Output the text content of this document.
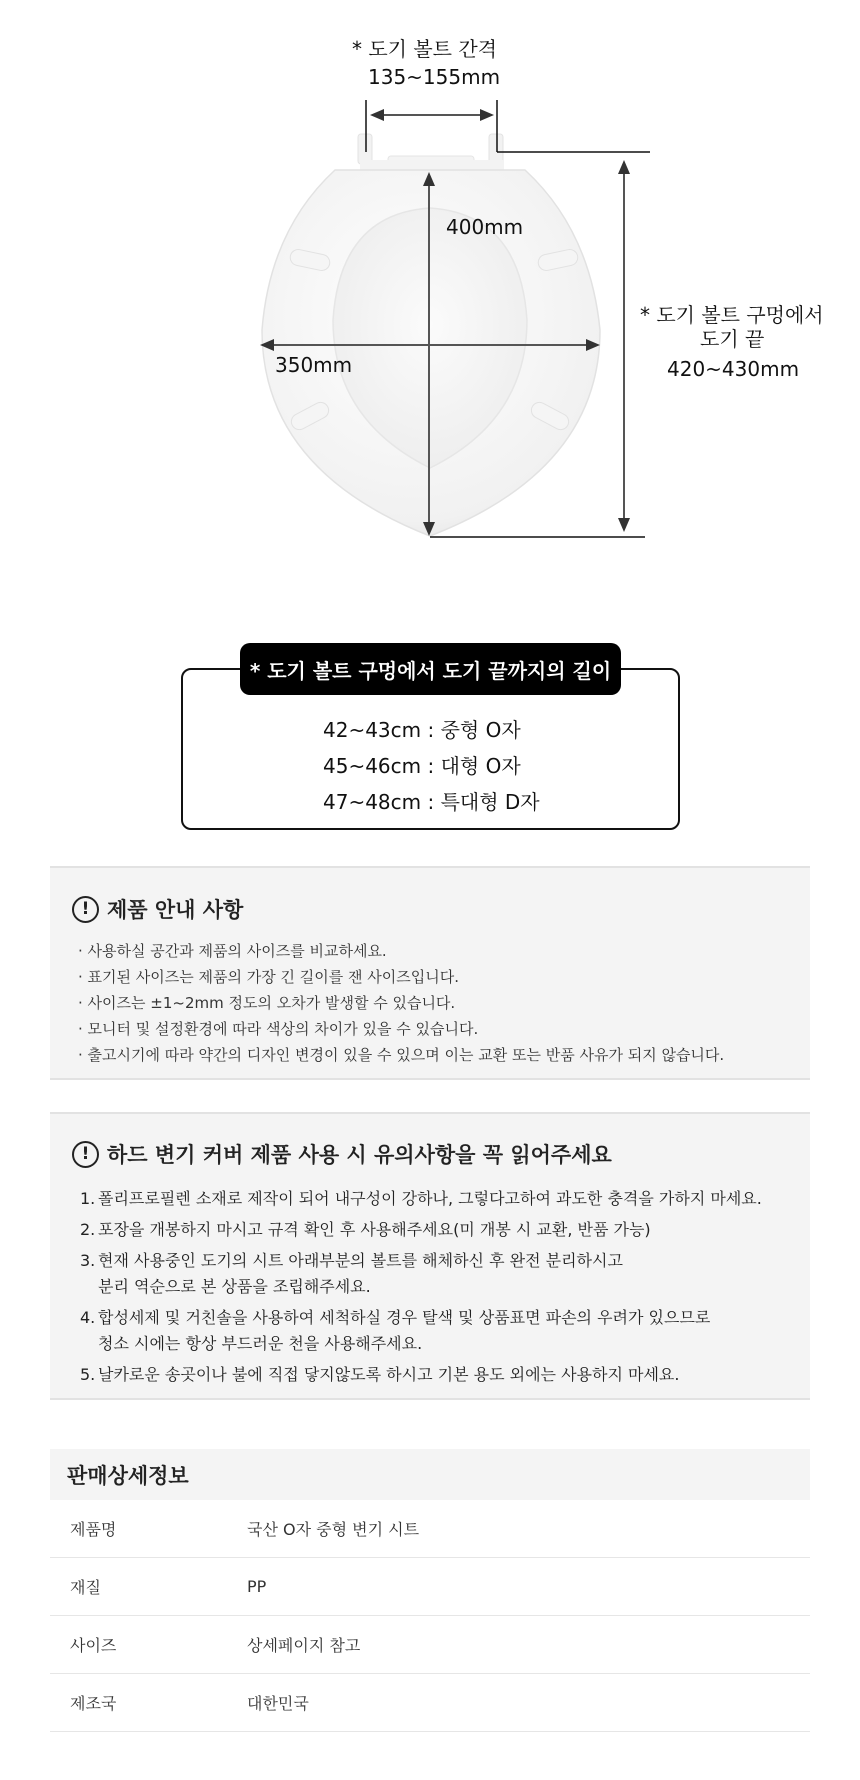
* 도기 볼트 간격
135~155mm
400mm
350mm
* 도기 볼트 구멍에서
도기 끝
420~430mm
* 도기 볼트 구멍에서 도기 끝까지의 길이
42~43cm : 중형 O자
45~46cm : 대형 O자
47~48cm : 특대형 D자
! 제품 안내 사항
· 사용하실 공간과 제품의 사이즈를 비교하세요.
· 표기된 사이즈는 제품의 가장 긴 길이를 잰 사이즈입니다.
· 사이즈는 ±1~2mm 정도의 오차가 발생할 수 있습니다.
· 모니터 및 설정환경에 따라 색상의 차이가 있을 수 있습니다.
· 출고시기에 따라 약간의 디자인 변경이 있을 수 있으며 이는 교환 또는 반품 사유가 되지 않습니다.
! 하드 변기 커버 제품 사용 시 유의사항을 꼭 읽어주세요
1. 폴리프로필렌 소재로 제작이 되어 내구성이 강하나, 그렇다고하여 과도한 충격을 가하지 마세요.
2. 포장을 개봉하지 마시고 규격 확인 후 사용해주세요(미 개봉 시 교환, 반품 가능)
3. 현재 사용중인 도기의 시트 아래부분의 볼트를 해체하신 후 완전 분리하시고
분리 역순으로 본 상품을 조립해주세요.
4. 합성세제 및 거친솔을 사용하여 세척하실 경우 탈색 및 상품표면 파손의 우려가 있으므로
청소 시에는 항상 부드러운 천을 사용해주세요.
5. 날카로운 송곳이나 불에 직접 닿지않도록 하시고 기본 용도 외에는 사용하지 마세요.
판매상세정보
제품명	국산 O자 중형 변기 시트
재질	PP
사이즈	상세페이지 참고
제조국	대한민국
